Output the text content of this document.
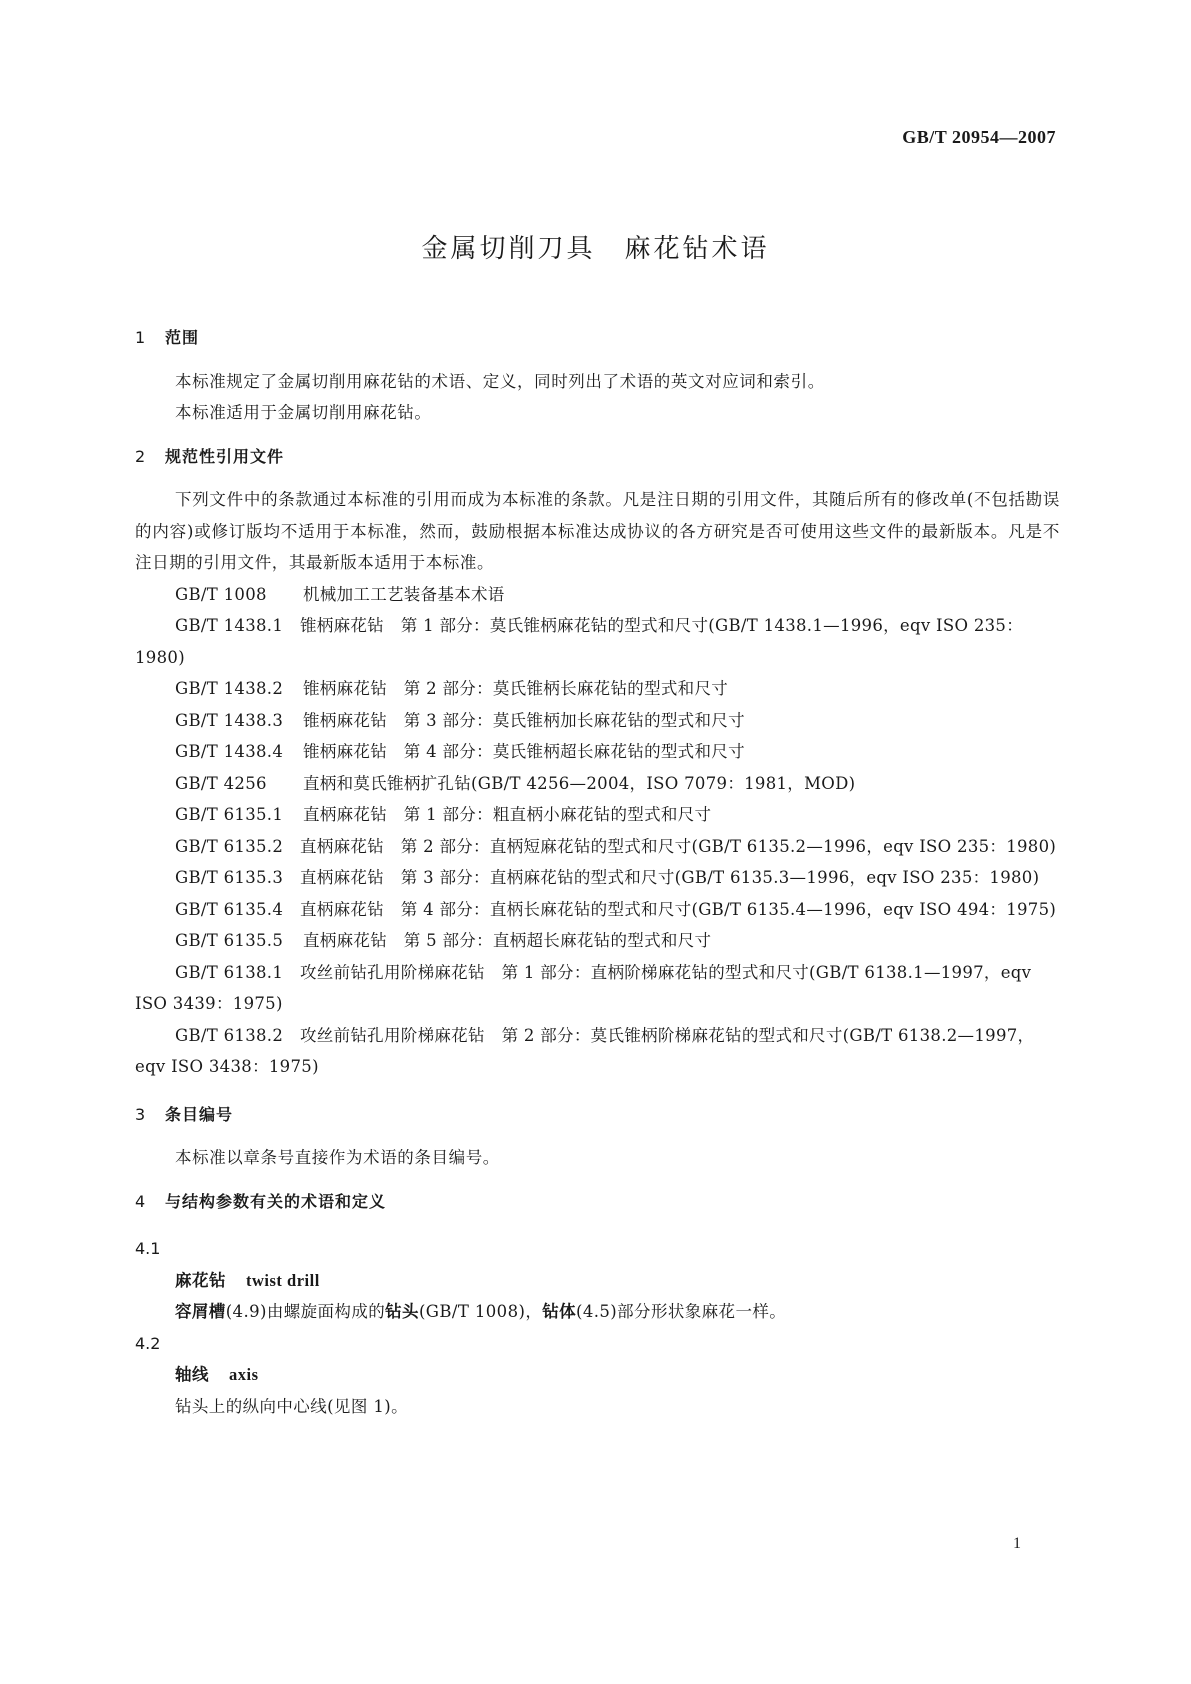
GB/T 20954—2007
金属切削刀具　麻花钻术语
1 范围

本标准规定了金属切削用麻花钻的术语、定义，同时列出了术语的英文对应词和索引。

本标准适用于金属切削用麻花钻。

2 规范性引用文件

下列文件中的条款通过本标准的引用而成为本标准的条款。凡是注日期的引用文件，其随后所有的修改单(不包括勘误的内容)或修订版均不适用于本标准，然而，鼓励根据本标准达成协议的各方研究是否可使用这些文件的最新版本。凡是不注日期的引用文件，其最新版本适用于本标准。

GB/T 1008 机械加工工艺装备基本术语

GB/T 1438.1　 锥柄麻花钻　第 1 部分：莫氏锥柄麻花钻的型式和尺寸(GB/T 1438.1—1996，eqv ISO 235：1980)

GB/T 1438.2 锥柄麻花钻　第 2 部分：莫氏锥柄长麻花钻的型式和尺寸

GB/T 1438.3 锥柄麻花钻　第 3 部分：莫氏锥柄加长麻花钻的型式和尺寸

GB/T 1438.4 锥柄麻花钻　第 4 部分：莫氏锥柄超长麻花钻的型式和尺寸

GB/T 4256 直柄和莫氏锥柄扩孔钻(GB/T 4256—2004，ISO 7079：1981，MOD)

GB/T 6135.1 直柄麻花钻　第 1 部分：粗直柄小麻花钻的型式和尺寸

GB/T 6135.2　 直柄麻花钻　第 2 部分：直柄短麻花钻的型式和尺寸(GB/T 6135.2—1996，eqv ISO 235：1980)

GB/T 6135.3　 直柄麻花钻　第 3 部分：直柄麻花钻的型式和尺寸(GB/T 6135.3—1996，eqv ISO 235：1980)

GB/T 6135.4　 直柄麻花钻　第 4 部分：直柄长麻花钻的型式和尺寸(GB/T 6135.4—1996，eqv ISO 494：1975)

GB/T 6135.5 直柄麻花钻　第 5 部分：直柄超长麻花钻的型式和尺寸

GB/T 6138.1　 攻丝前钻孔用阶梯麻花钻　第 1 部分：直柄阶梯麻花钻的型式和尺寸(GB/T 6138.1—1997，eqv ISO 3439：1975)

GB/T 6138.2　 攻丝前钻孔用阶梯麻花钻　第 2 部分：莫氏锥柄阶梯麻花钻的型式和尺寸(GB/T 6138.2—1997，eqv ISO 3438：1975)

3 条目编号

本标准以章条号直接作为术语的条目编号。

4 与结构参数有关的术语和定义

4.1

麻花钻 twist drill

容屑槽(4.9)由螺旋面构成的钻头(GB/T 1008)，钻体(4.5)部分形状象麻花一样。

4.2

轴线 axis

钻头上的纵向中心线(见图 1)。

1
